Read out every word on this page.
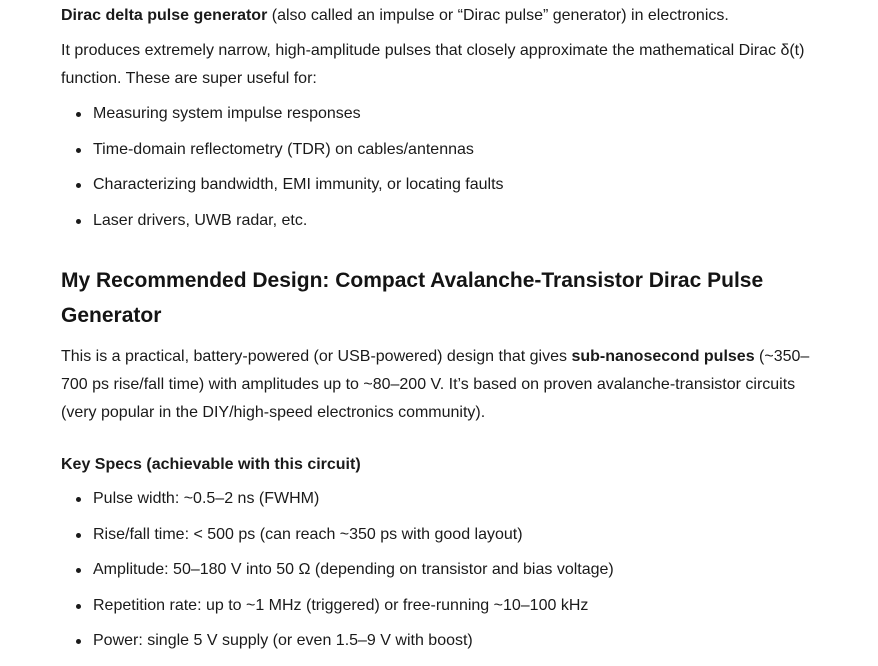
Dirac delta pulse generator (also called an impulse or “Dirac pulse” generator) in electronics.

It produces extremely narrow, high-amplitude pulses that closely approximate the mathematical Dirac δ(t) function. These are super useful for:

Measuring system impulse responses
Time-domain reflectometry (TDR) on cables/antennas
Characterizing bandwidth, EMI immunity, or locating faults
Laser drivers, UWB radar, etc.
My Recommended Design: Compact Avalanche-Transistor Dirac Pulse Generator

This is a practical, battery-powered (or USB-powered) design that gives sub-nanosecond pulses (~350–700 ps rise/fall time) with amplitudes up to ~80–200 V. It’s based on proven avalanche-transistor circuits (very popular in the DIY/high-speed electronics community).

Key Specs (achievable with this circuit)

Pulse width: ~0.5–2 ns (FWHM)
Rise/fall time: < 500 ps (can reach ~350 ps with good layout)
Amplitude: 50–180 V into 50 Ω (depending on transistor and bias voltage)
Repetition rate: up to ~1 MHz (triggered) or free-running ~10–100 kHz
Power: single 5 V supply (or even 1.5–9 V with boost)
